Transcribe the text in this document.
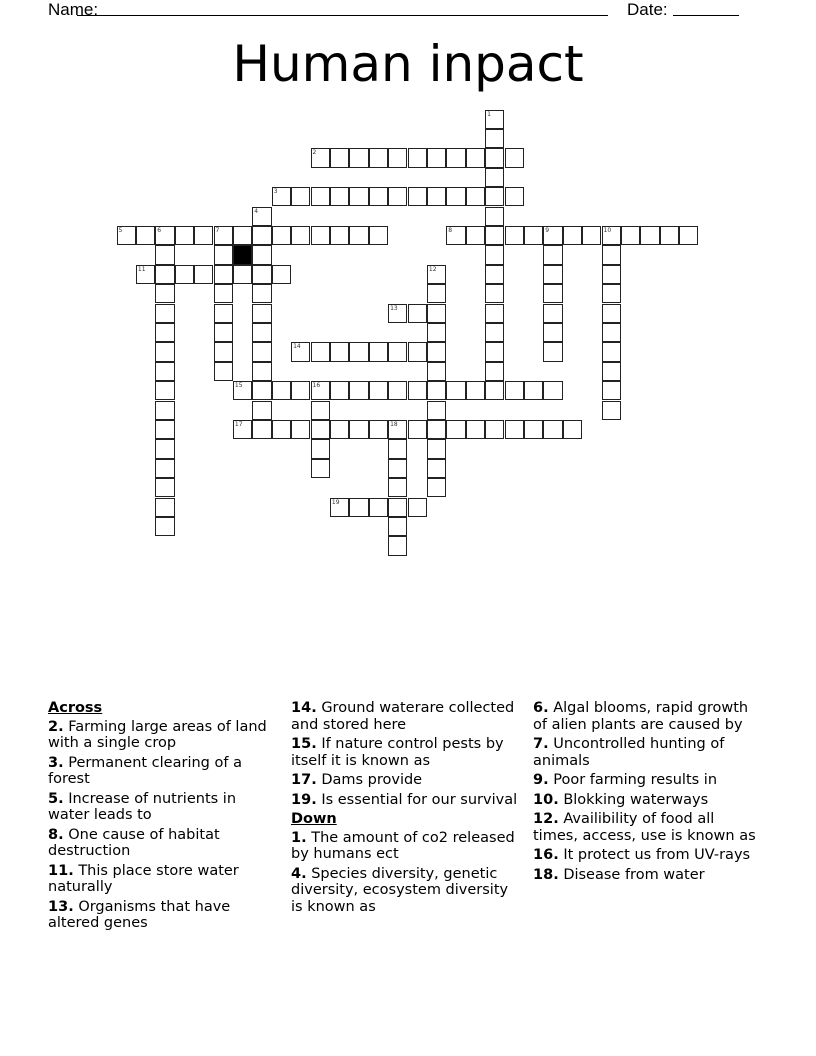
Name:	Date:
Human inpact
1
2
3
4
5	6	7	8	9	10
11	12
13
14
15	16
17	18
19
Across
2. Farming large areas of land with a single crop
3. Permanent clearing of a forest
5. Increase of nutrients in water leads to
8. One cause of habitat destruction
11. This place store water naturally
13. Organisms that have altered genes
14. Ground waterare collected and stored here
15. If nature control pests by itself it is known as
17. Dams provide
19. Is essential for our survival
Down
1. The amount of co2 released by humans ect
4. Species diversity, genetic diversity, ecosystem diversity is known as
6. Algal blooms, rapid growth of alien plants are caused by
7. Uncontrolled hunting of animals
9. Poor farming results in
10. Blokking waterways
12. Availibility of food all times, access, use is known as
16. It protect us from UV-rays
18. Disease from water
